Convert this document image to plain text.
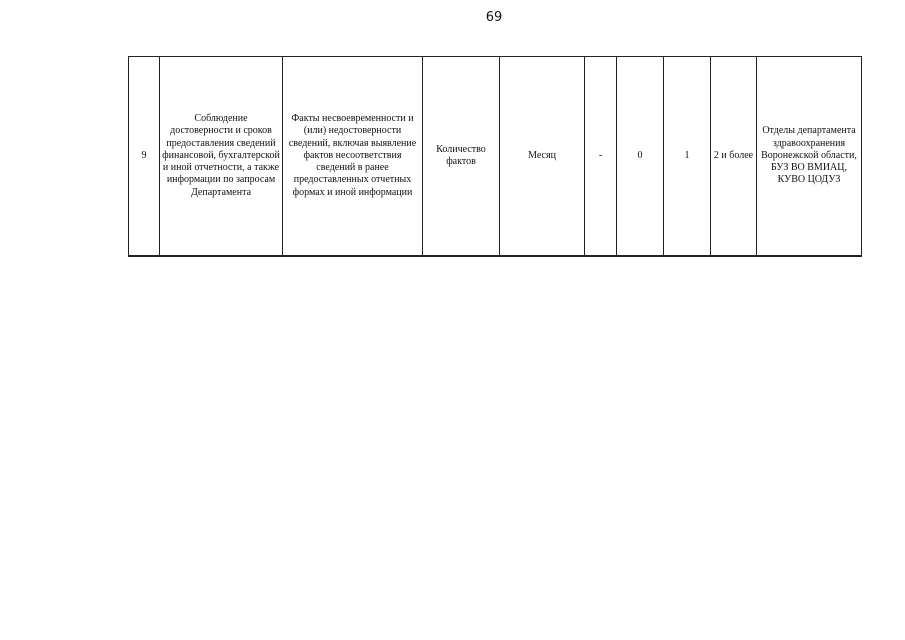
69
9	Соблюдение достоверности и сроков предоставления сведений финансовой, бухгалтерской и иной отчетности, а также информации по запросам Департамента	Факты несвоевременности и (или) недостоверности сведений, включая выявление фактов несоответствия сведений в ранее предоставленных отчетных формах и иной информации	Количество фактов	Месяц	-	0	1	2 и более	Отделы департамента здравоохранения Воронежской области, БУЗ ВО ВМИАЦ, КУВО ЦОДУЗ
